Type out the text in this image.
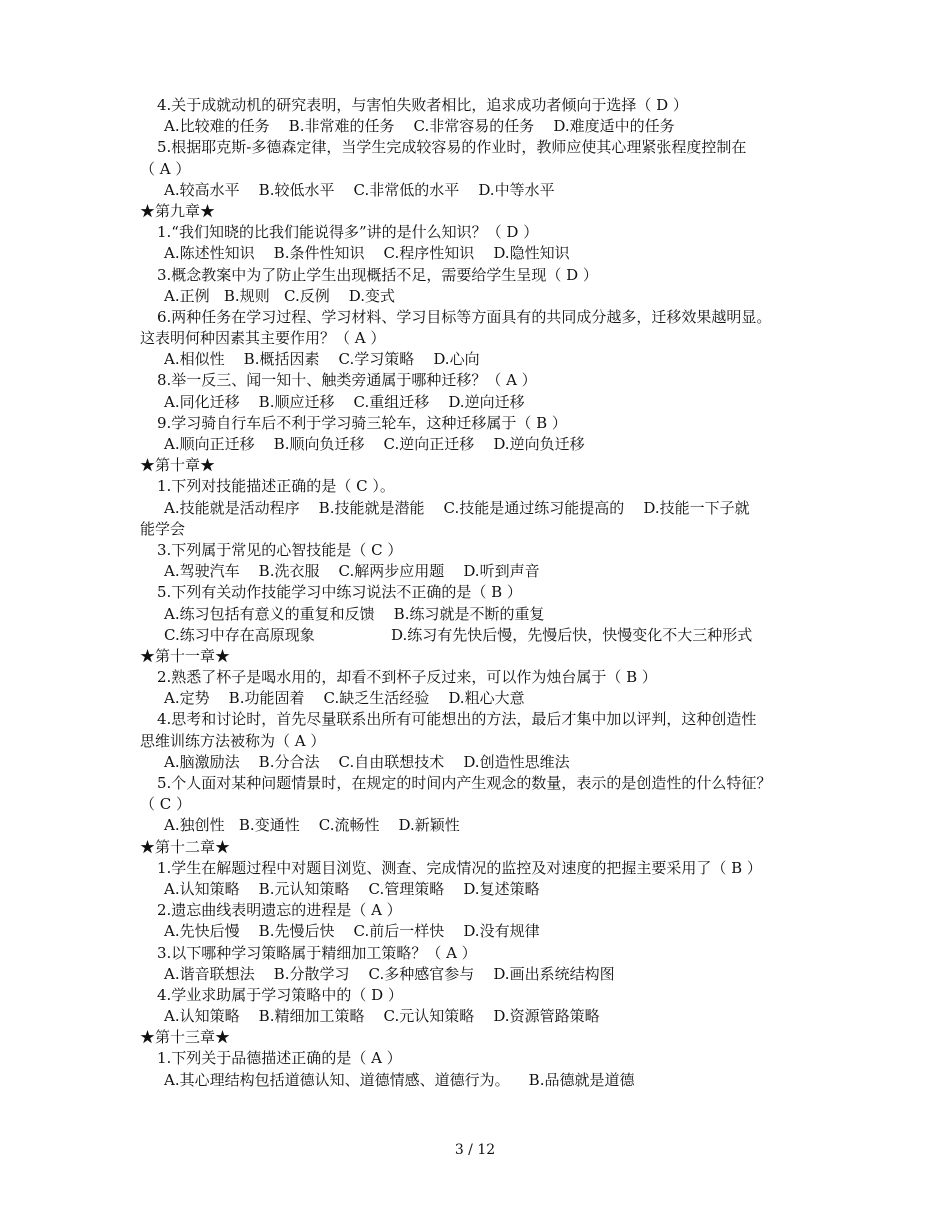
4.关于成就动机的研究表明，与害怕失败者相比，追求成功者倾向于选择（ D ）
A.比较难的任务    B.非常难的任务    C.非常容易的任务    D.难度适中的任务
5.根据耶克斯-多德森定律，当学生完成较容易的作业时，教师应使其心理紧张程度控制在
（ A ）
A.较高水平    B.较低水平    C.非常低的水平    D.中等水平
★第九章★
1.“我们知晓的比我们能说得多”讲的是什么知识？（ D ）
A.陈述性知识    B.条件性知识    C.程序性知识    D.隐性知识
3.概念教案中为了防止学生出现概括不足，需要给学生呈现（ D ）
A.正例   B.规则   C.反例    D.变式
6.两种任务在学习过程、学习材料、学习目标等方面具有的共同成分越多，迁移效果越明显。
这表明何种因素其主要作用？（ A ）
A.相似性    B.概括因素    C.学习策略    D.心向
8.举一反三、闻一知十、触类旁通属于哪种迁移？（ A ）
A.同化迁移    B.顺应迁移    C.重组迁移    D.逆向迁移
9.学习骑自行车后不利于学习骑三轮车，这种迁移属于（ B ）
A.顺向正迁移    B.顺向负迁移    C.逆向正迁移    D.逆向负迁移
★第十章★
1.下列对技能描述正确的是（ C ）。
A.技能就是活动程序    B.技能就是潜能    C.技能是通过练习能提高的    D.技能一下子就
能学会
3.下列属于常见的心智技能是（ C ）
A.驾驶汽车    B.洗衣服    C.解两步应用题    D.听到声音
5.下列有关动作技能学习中练习说法不正确的是（ B ）
A.练习包括有意义的重复和反馈    B.练习就是不断的重复
C.练习中存在高原现象                D.练习有先快后慢，先慢后快，快慢变化不大三种形式
★第十一章★
2.熟悉了杯子是喝水用的，却看不到杯子反过来，可以作为烛台属于（ B ）
A.定势    B.功能固着    C.缺乏生活经验    D.粗心大意
4.思考和讨论时，首先尽量联系出所有可能想出的方法，最后才集中加以评判，这种创造性
思维训练方法被称为（ A ）
A.脑激励法    B.分合法    C.自由联想技术    D.创造性思维法
5.个人面对某种问题情景时，在规定的时间内产生观念的数量，表示的是创造性的什么特征？
（ C ）
A.独创性   B.变通性    C.流畅性    D.新颖性
★第十二章★
1.学生在解题过程中对题目浏览、测查、完成情况的监控及对速度的把握主要采用了（ B ）
A.认知策略    B.元认知策略    C.管理策略    D.复述策略
2.遗忘曲线表明遗忘的进程是（ A ）
A.先快后慢    B.先慢后快    C.前后一样快    D.没有规律
3.以下哪种学习策略属于精细加工策略？（ A ）
A.谐音联想法    B.分散学习    C.多种感官参与    D.画出系统结构图
4.学业求助属于学习策略中的（ D ）
A.认知策略    B.精细加工策略    C.元认知策略    D.资源管路策略
★第十三章★
1.下列关于品德描述正确的是（ A ）
A.其心理结构包括道德认知、道德情感、道德行为。    B.品德就是道德
3 / 12
